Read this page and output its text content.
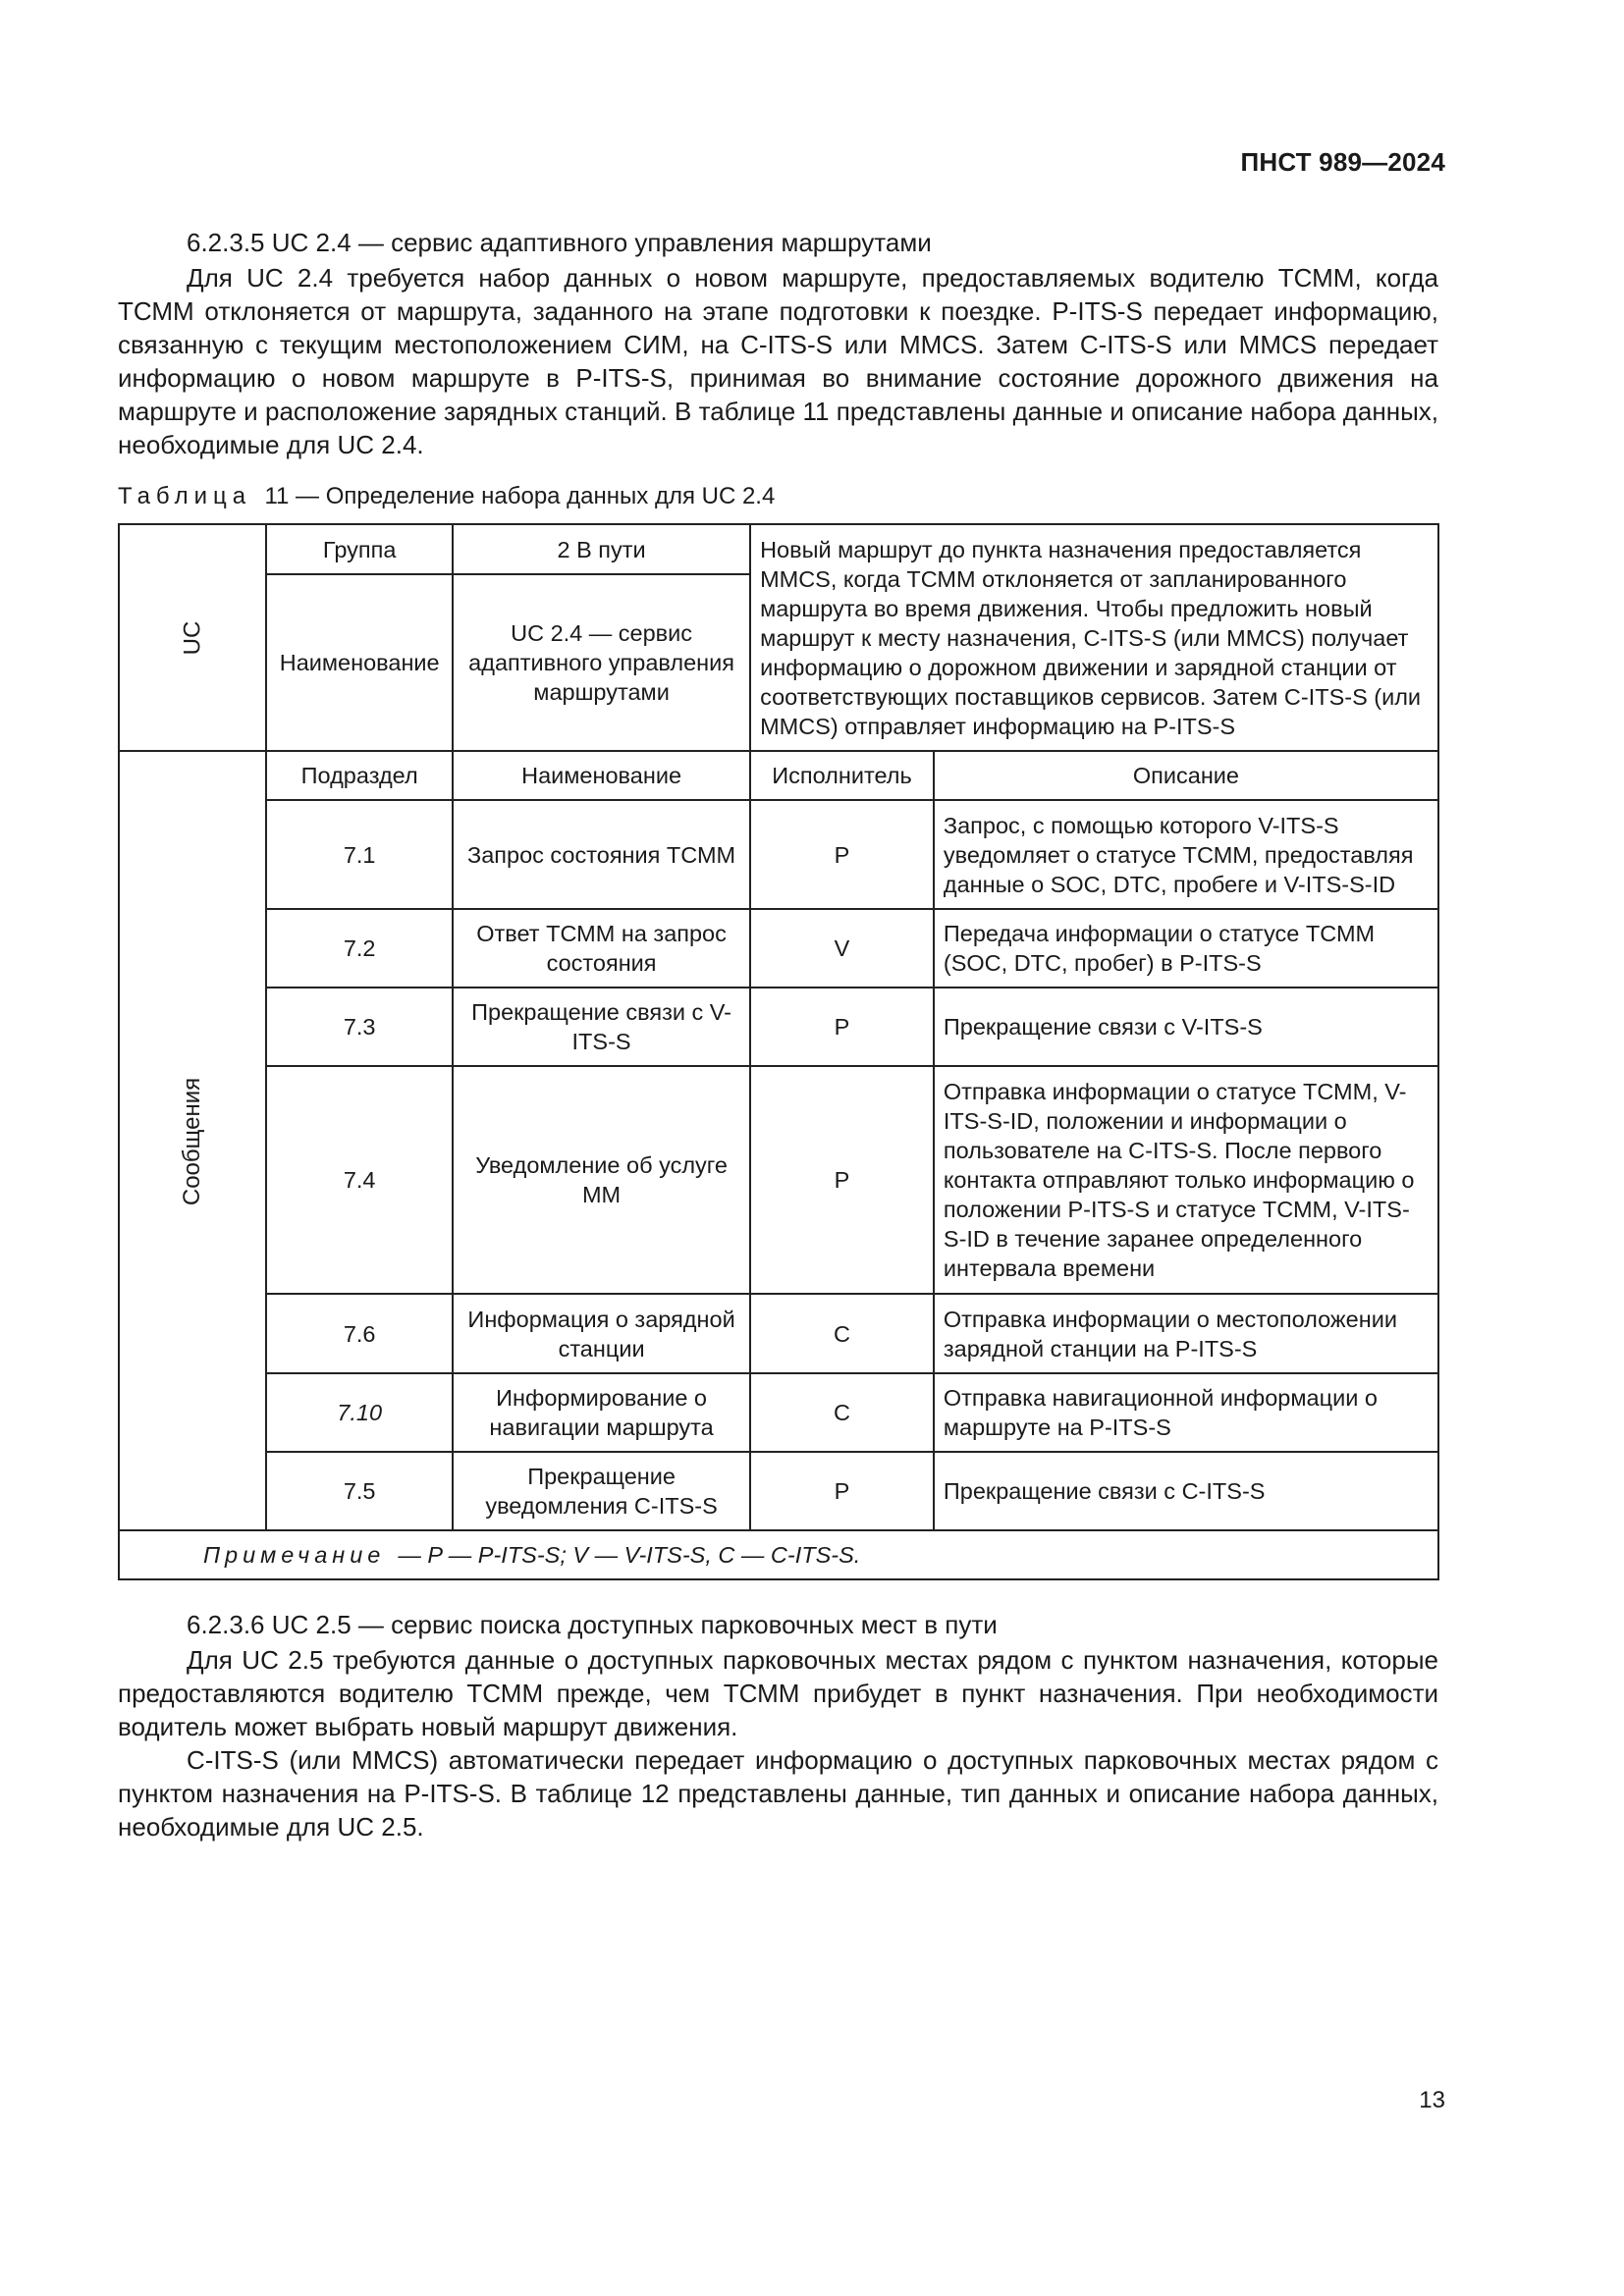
ПНСТ 989—2024
6.2.3.5 UC 2.4 — сервис адаптивного управления маршрутами
Для UC 2.4 требуется набор данных о новом маршруте, предоставляемых водителю ТСММ, когда ТСММ отклоняется от маршрута, заданного на этапе подготовки к поездке. P-ITS-S передает информацию, связанную с текущим местоположением СИМ, на C-ITS-S или MMCS. Затем C-ITS-S или MMCS передает информацию о новом маршруте в P-ITS-S, принимая во внимание состояние дорожного движения на маршруте и расположение зарядных станций. В таблице 11 представлены данные и описание набора данных, необходимые для UC 2.4.
Таблица 11 — Определение набора данных для UC 2.4
UC	Группа	2 В пути	Новый маршрут до пункта назначения предоставляется MMCS, когда ТСММ отклоняется от запланированного маршрута во время движения. Чтобы предложить новый маршрут к месту назначения, C-ITS-S (или MMCS) получает информацию о дорожном движении и зарядной станции от соответствующих поставщиков сервисов. Затем C-ITS-S (или MMCS) отправляет информацию на P-ITS-S	
	Наименование	UC 2.4 — сервис адаптивного управления маршрутами		
Сообщения	Подраздел	Наименование	Исполнитель	Описание
	7.1	Запрос состояния ТСММ	P	Запрос, с помощью которого V-ITS-S уведомляет о статусе ТСММ, предоставляя данные о SOC, DTC, пробеге и V-ITS-S-ID
	7.2	Ответ ТСММ на запрос состояния	V	Передача информации о статусе ТСММ (SOC, DTC, пробег) в P-ITS-S
	7.3	Прекращение связи с V-ITS-S	P	Прекращение связи с V-ITS-S
	7.4	Уведомление об услуге ММ	P	Отправка информации о статусе ТСММ, V-ITS-S-ID, положении и информации о пользователе на C-ITS-S. После первого контакта отправляют только информацию о положении P-ITS-S и статусе ТСММ, V-ITS-S-ID в течение заранее определенного интервала времени
	7.6	Информация о зарядной станции	C	Отправка информации о местоположении зарядной станции на P-ITS-S
	7.10	Информирование о навигации маршрута	C	Отправка навигационной информации о маршруте на P-ITS-S
	7.5	Прекращение уведомления C-ITS-S	P	Прекращение связи с C-ITS-S
Примечание — P — P-ITS-S; V — V-ITS-S, C — C-ITS-S.				
6.2.3.6 UC 2.5 — сервис поиска доступных парковочных мест в пути
Для UC 2.5 требуются данные о доступных парковочных местах рядом с пунктом назначения, которые предоставляются водителю ТСММ прежде, чем ТСММ прибудет в пункт назначения. При необходимости водитель может выбрать новый маршрут движения.
C-ITS-S (или MMCS) автоматически передает информацию о доступных парковочных местах рядом с пунктом назначения на P-ITS-S. В таблице 12 представлены данные, тип данных и описание набора данных, необходимые для UC 2.5.
13
